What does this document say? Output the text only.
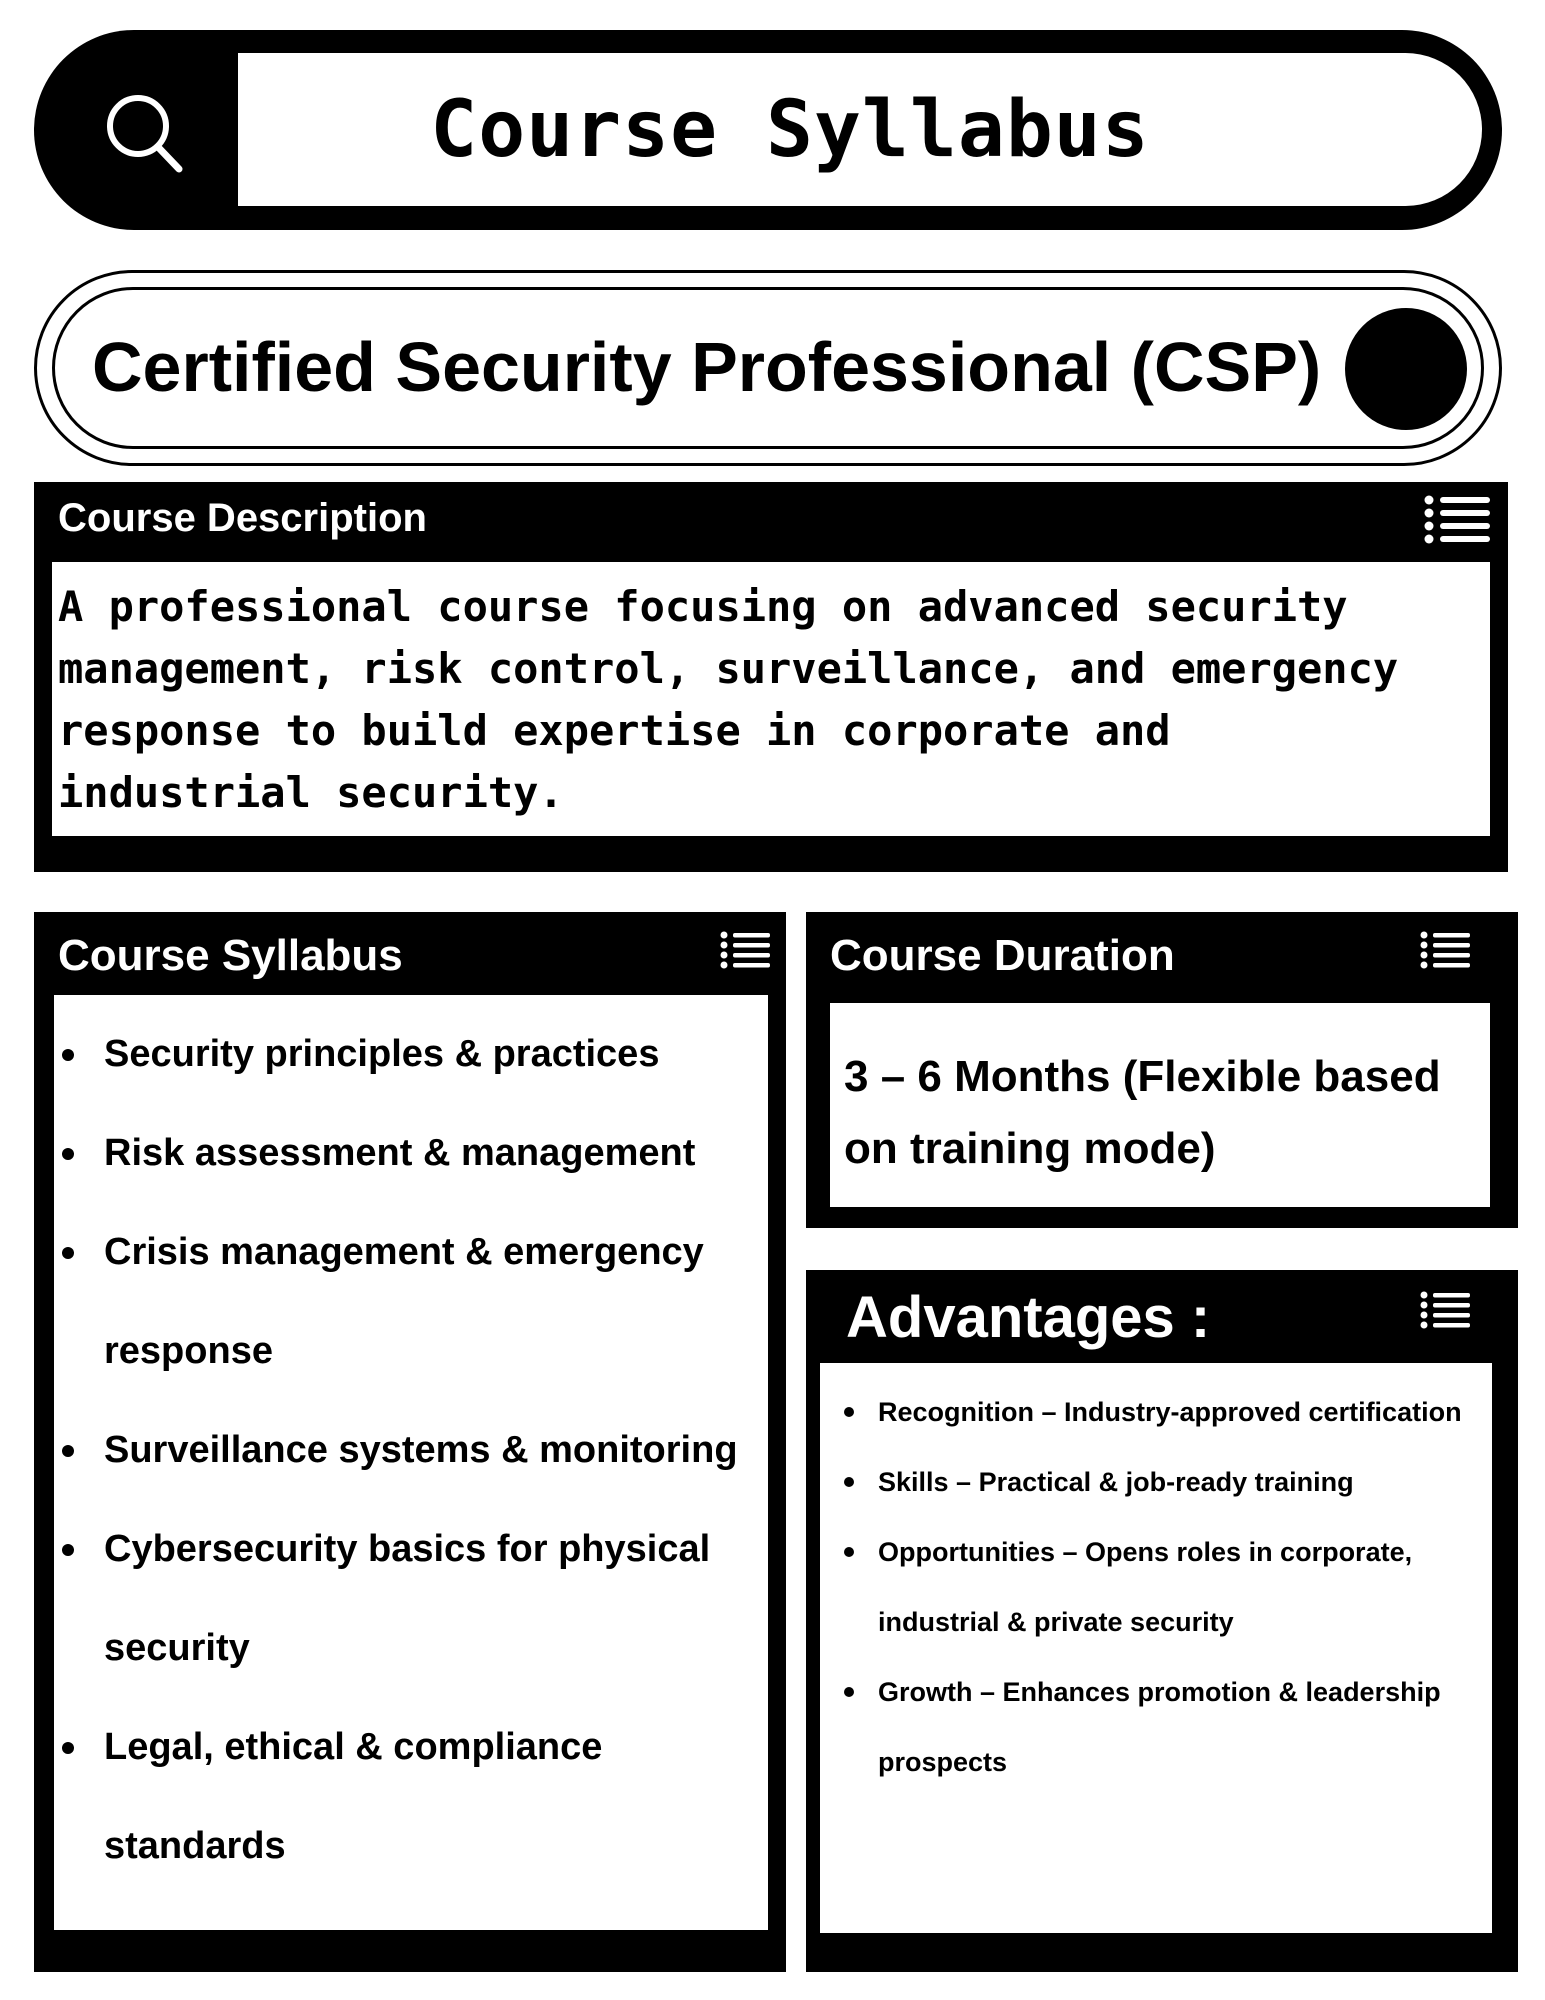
Course Syllabus
Certified Security Professional (CSP)
Course Description

A professional course focusing on advanced security
management, risk control, surveillance, and emergency
response to build expertise in corporate and
industrial security.

Course Syllabus
Security principles & practices
Risk assessment & management
Crisis management & emergency response
Surveillance systems & monitoring
Cybersecurity basics for physical security
Legal, ethical & compliance standards
Course Duration

3 – 6 Months (Flexible based on training mode)

Advantages :
Recognition – Industry-approved certification
Skills – Practical & job-ready training
Opportunities – Opens roles in corporate, industrial & private security
Growth – Enhances promotion & leadership prospects
